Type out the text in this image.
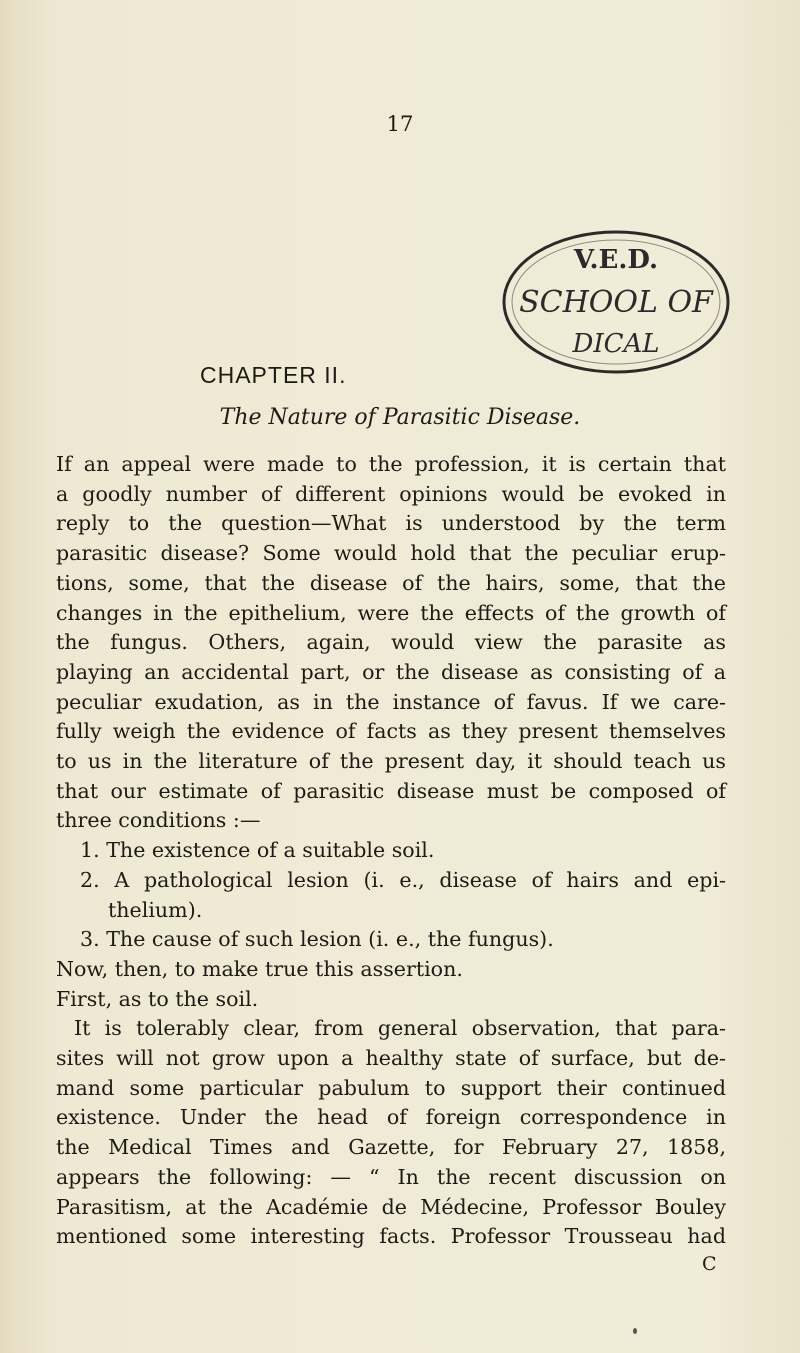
17
V.E.D.
SCHOOL OF
DICAL
CHAPTER II.
The Nature of Parasitic Disease.
If an appeal were made to the profession, it is certain that
a goodly number of different opinions would be evoked in
reply to the question—What is understood by the term
parasitic disease? Some would hold that the peculiar erup-
tions, some, that the disease of the hairs, some, that the
changes in the epithelium, were the effects of the growth of
the fungus. Others, again, would view the parasite as
playing an accidental part, or the disease as consisting of a
peculiar exudation, as in the instance of favus. If we care-
fully weigh the evidence of facts as they present themselves
to us in the literature of the present day, it should teach us
that our estimate of parasitic disease must be composed of
three conditions :—
1. The existence of a suitable soil.
2. A pathological lesion (i. e., disease of hairs and epi-
thelium).
3. The cause of such lesion (i. e., the fungus).
Now, then, to make true this assertion.
First, as to the soil.
It is tolerably clear, from general observation, that para-
sites will not grow upon a healthy state of surface, but de-
mand some particular pabulum to support their continued
existence. Under the head of foreign correspondence in
the Medical Times and Gazette, for February 27, 1858,
appears the following: — “ In the recent discussion on
Parasitism, at the Académie de Médecine, Professor Bouley
mentioned some interesting facts. Professor Trousseau had
C
